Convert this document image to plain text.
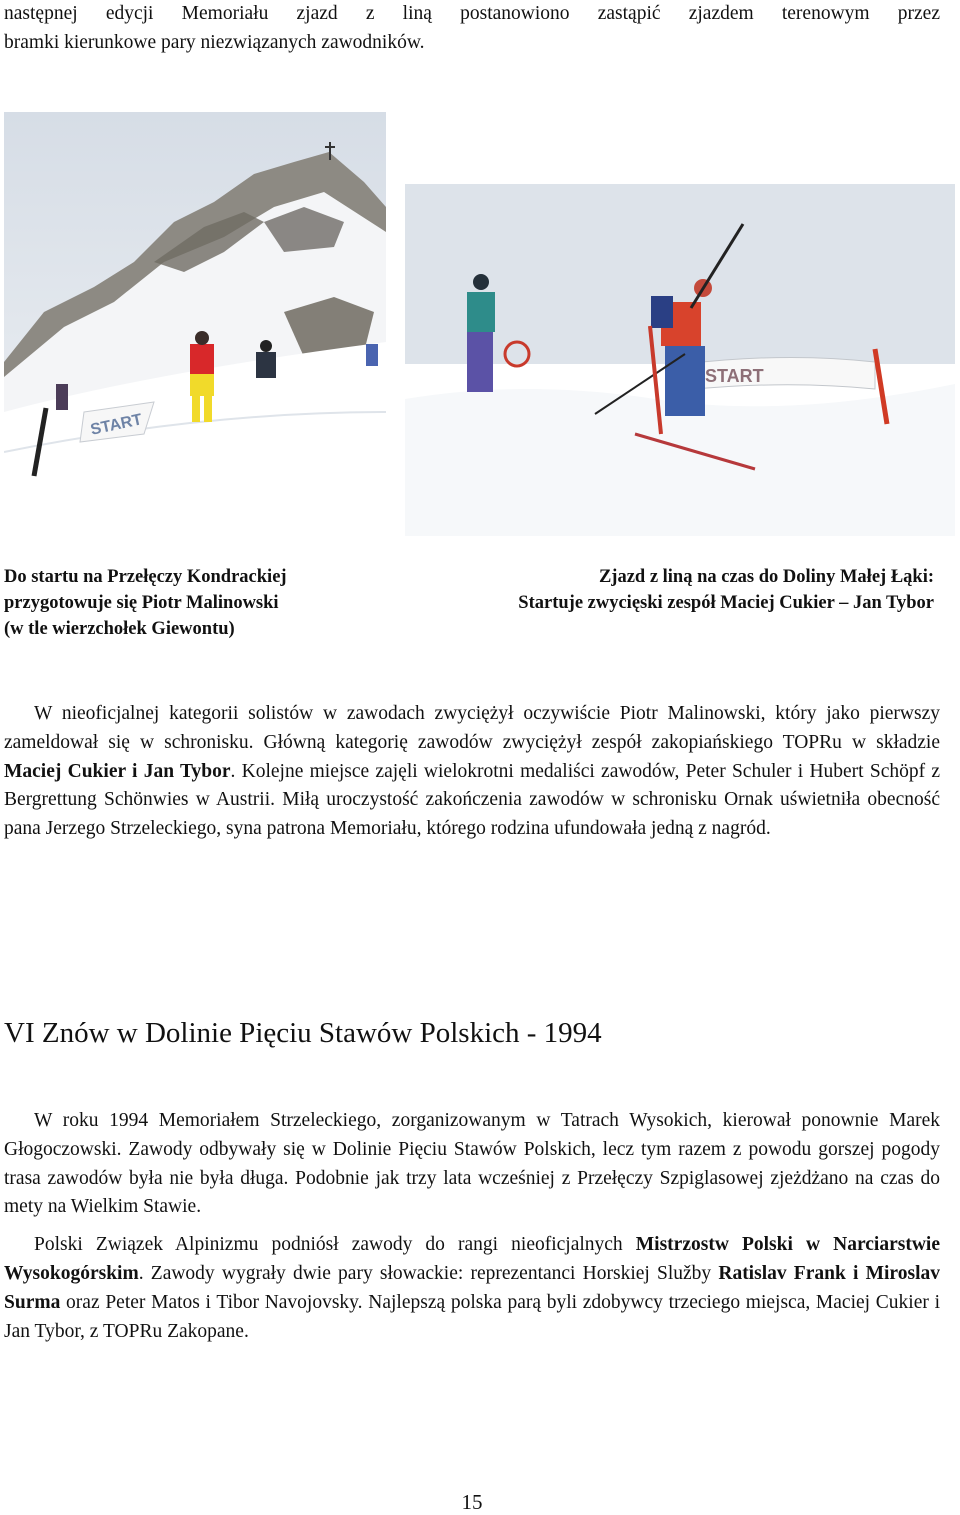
następnej edycji Memoriału zjazd z liną postanowiono zastąpić zjazdem terenowym przez

bramki kierunkowe pary niezwiązanych zawodników.

START
START
Do startu na Przełęczy Kondrackiej
przygotowuje się Piotr Malinowski
(w tle wierzchołek Giewontu)
Zjazd z liną na czas do Doliny Małej Łąki:
Startuje zwycięski zespół Maciej Cukier – Jan Tybor

W nieoficjalnej kategorii solistów w zawodach zwyciężył oczywiście Piotr Malinowski, który jako pierwszy zameldował się w schronisku. Główną kategorię zawodów zwyciężył zespół zakopiańskiego TOPRu w składzie Maciej Cukier i Jan Tybor. Kolejne miejsce zajęli wielokrotni medaliści zawodów, Peter Schuler i Hubert Schöpf z Bergrettung Schönwies w Austrii. Miłą uroczystość zakończenia zawodów w schronisku Ornak uświetniła obecność pana Jerzego Strzeleckiego, syna patrona Memoriału, którego rodzina ufundowała jedną z nagród.

VI Znów w Dolinie Pięciu Stawów Polskich - 1994

W roku 1994 Memoriałem Strzeleckiego, zorganizowanym w Tatrach Wysokich, kierował ponownie Marek Głogoczowski. Zawody odbywały się w Dolinie Pięciu Stawów Polskich, lecz tym razem z powodu gorszej pogody trasa zawodów była nie była długa. Podobnie jak trzy lata wcześniej z Przełęczy Szpiglasowej zjeżdżano na czas do mety na Wielkim Stawie.

Polski Związek Alpinizmu podniósł zawody do rangi nieoficjalnych Mistrzostw Polski w Narciarstwie Wysokogórskim. Zawody wygrały dwie pary słowackie: reprezentanci Horskiej Služby Ratislav Frank i Miroslav Surma oraz Peter Matos i Tibor Navojovsky. Najlepszą polska parą byli zdobywcy trzeciego miejsca, Maciej Cukier i Jan Tybor, z TOPRu Zakopane.

15
